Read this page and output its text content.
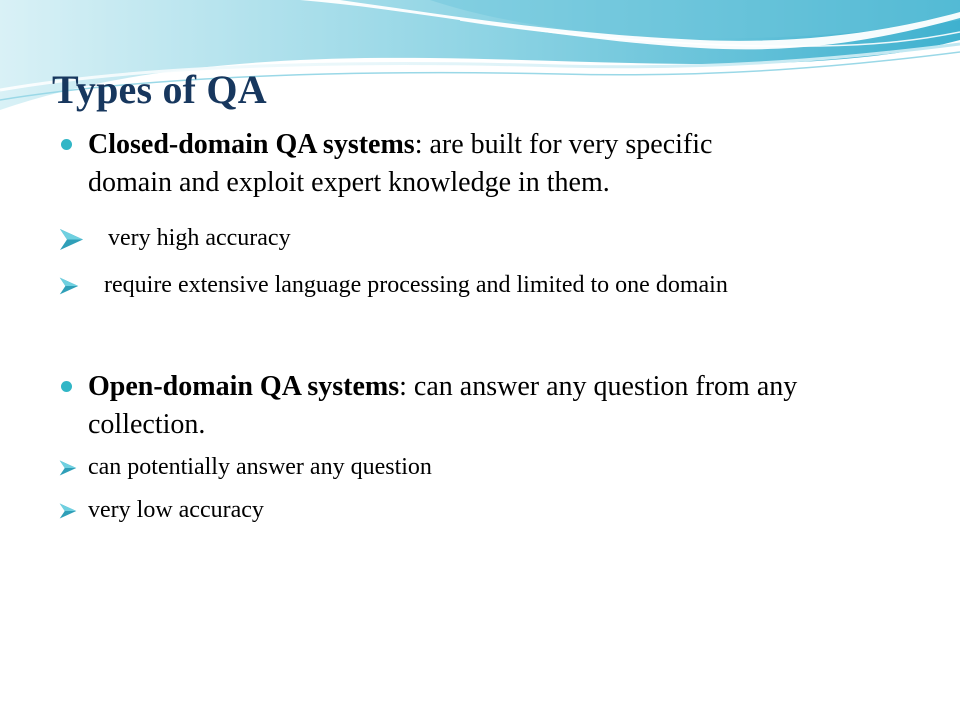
Types of QA
Closed-domain QA systems: are built for very specific
domain and exploit expert knowledge in them.
very high accuracy
require extensive language processing and limited to one domain
Open-domain QA systems: can answer any question from any
collection.
can potentially answer any question
very low accuracy
